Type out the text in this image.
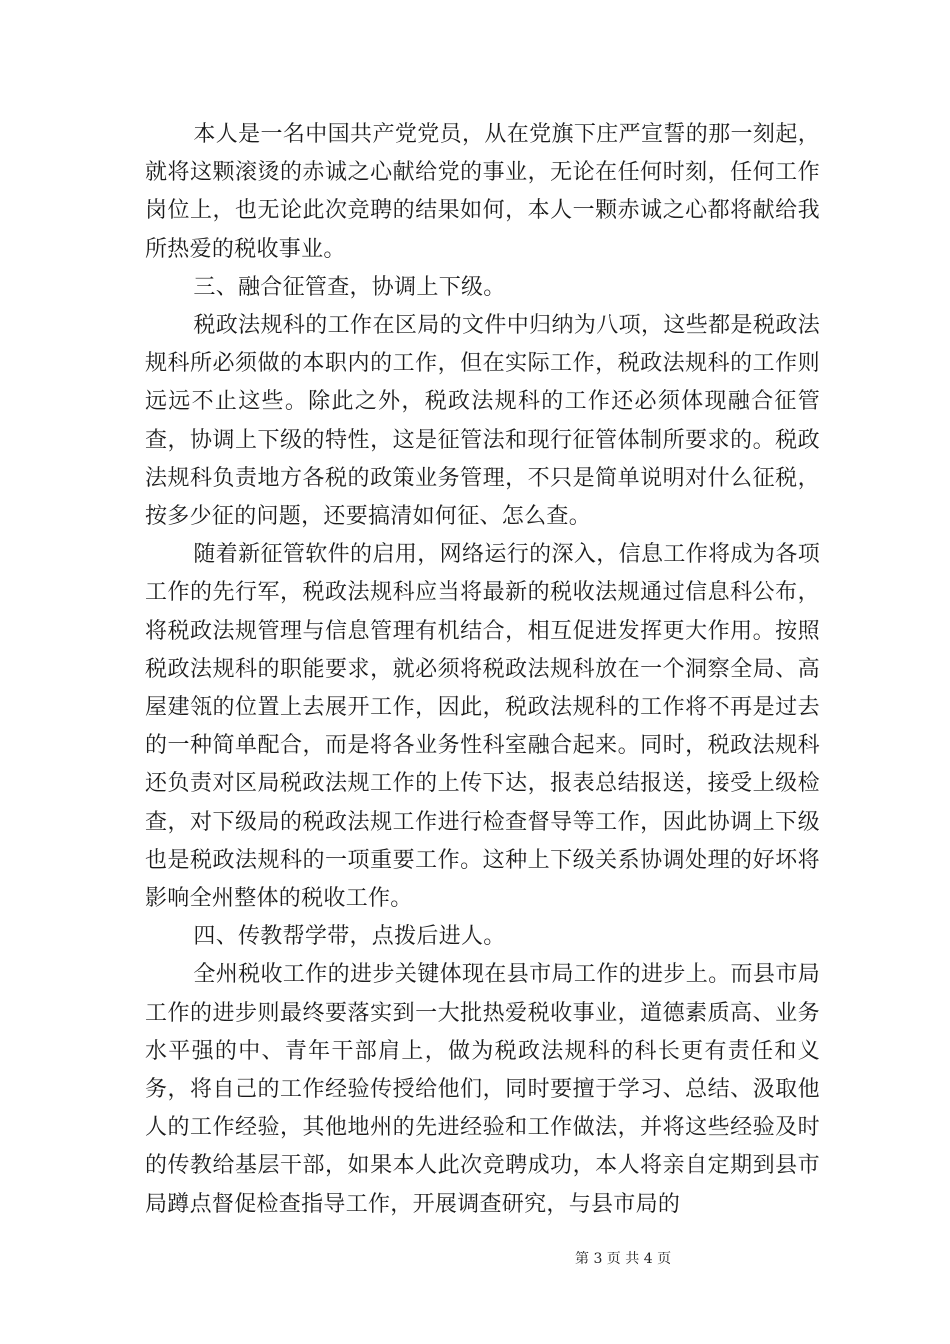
本人是一名中国共产党党员，从在党旗下庄严宣誓的那一刻起，就将这颗滚烫的赤诚之心献给党的事业，无论在任何时刻，任何工作岗位上，也无论此次竞聘的结果如何，本人一颗赤诚之心都将献给我所热爱的税收事业。

三、融合征管查，协调上下级。

税政法规科的工作在区局的文件中归纳为八项，这些都是税政法规科所必须做的本职内的工作，但在实际工作，税政法规科的工作则远远不止这些。除此之外，税政法规科的工作还必须体现融合征管查，协调上下级的特性，这是征管法和现行征管体制所要求的。税政法规科负责地方各税的政策业务管理，不只是简单说明对什么征税，按多少征的问题，还要搞清如何征、怎么查。

随着新征管软件的启用，网络运行的深入，信息工作将成为各项工作的先行军，税政法规科应当将最新的税收法规通过信息科公布，将税政法规管理与信息管理有机结合，相互促进发挥更大作用。按照税政法规科的职能要求，就必须将税政法规科放在一个洞察全局、高屋建瓴的位置上去展开工作，因此，税政法规科的工作将不再是过去的一种简单配合，而是将各业务性科室融合起来。同时，税政法规科还负责对区局税政法规工作的上传下达，报表总结报送，接受上级检查，对下级局的税政法规工作进行检查督导等工作，因此协调上下级也是税政法规科的一项重要工作。这种上下级关系协调处理的好坏将影响全州整体的税收工作。

四、传教帮学带，点拨后进人。

全州税收工作的进步关键体现在县市局工作的进步上。而县市局工作的进步则最终要落实到一大批热爱税收事业，道德素质高、业务水平强的中、青年干部肩上，做为税政法规科的科长更有责任和义务，将自己的工作经验传授给他们，同时要擅于学习、总结、汲取他人的工作经验，其他地州的先进经验和工作做法，并将这些经验及时的传教给基层干部，如果本人此次竞聘成功，本人将亲自定期到县市局蹲点督促检查指导工作，开展调查研究，与县市局的

第 3 页 共 4 页
